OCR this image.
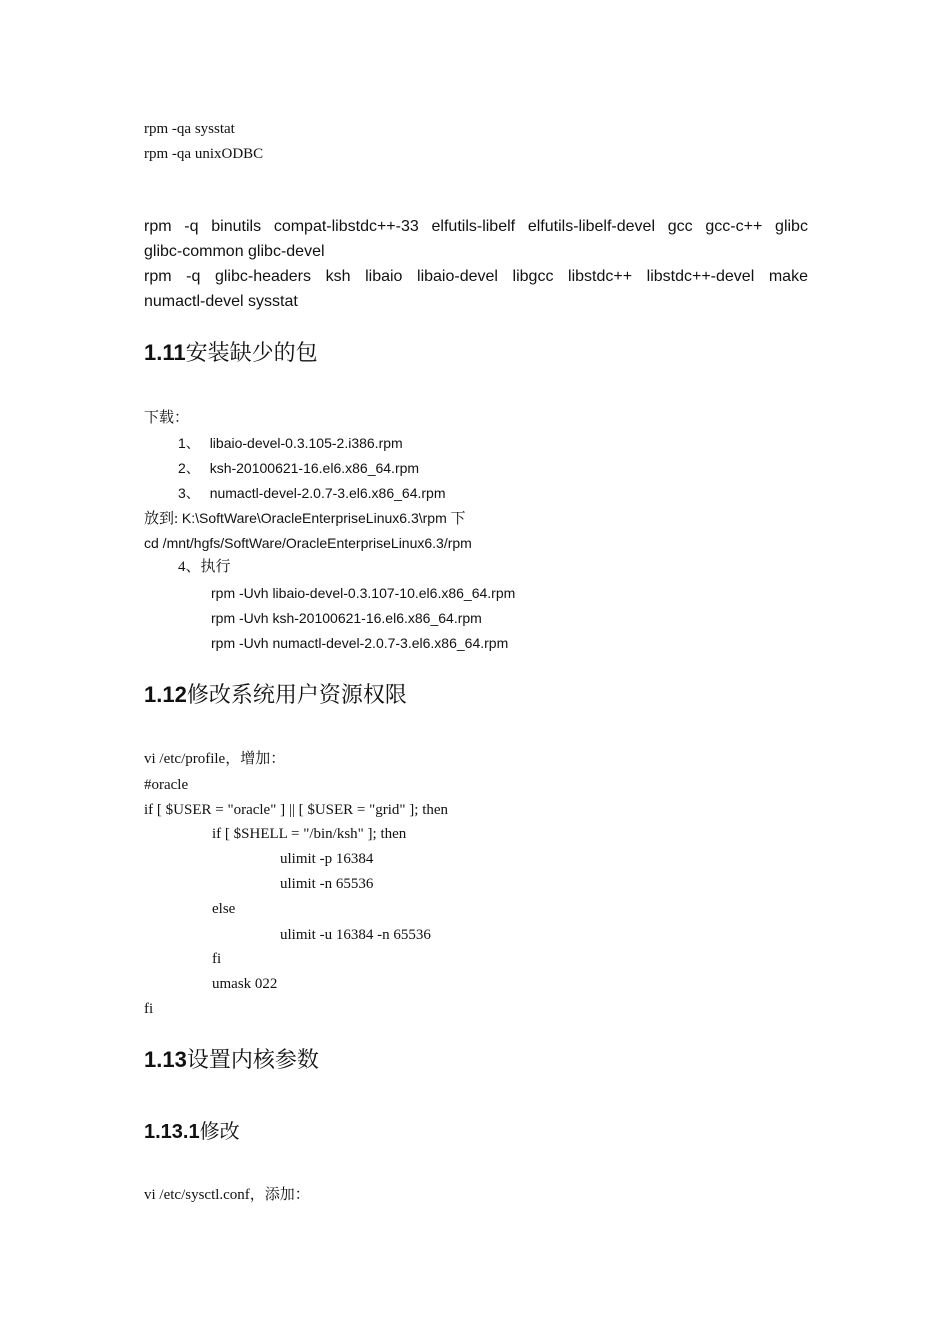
rpm -qa sysstat
rpm -qa unixODBC
rpm -q binutils compat-libstdc++-33 elfutils-libelf elfutils-libelf-devel gcc gcc-c++ glibc
glibc-common glibc-devel
rpm -q glibc-headers ksh libaio libaio-devel libgcc libstdc++ libstdc++-devel make
numactl-devel sysstat
1.11安装缺少的包
下载：
1、 libaio-devel-0.3.105-2.i386.rpm
2、 ksh-20100621-16.el6.x86_64.rpm
3、 numactl-devel-2.0.7-3.el6.x86_64.rpm
放到: K:\SoftWare\OracleEnterpriseLinux6.3\rpm 下
cd /mnt/hgfs/SoftWare/OracleEnterpriseLinux6.3/rpm
4、执行
rpm -Uvh libaio-devel-0.3.107-10.el6.x86_64.rpm
rpm -Uvh ksh-20100621-16.el6.x86_64.rpm
rpm -Uvh numactl-devel-2.0.7-3.el6.x86_64.rpm
1.12修改系统用户资源权限
vi /etc/profile，增加：
#oracle
if [ $USER = "oracle" ] || [ $USER = "grid" ]; then
if [ $SHELL = "/bin/ksh" ]; then
ulimit -p 16384
ulimit -n 65536
else
ulimit -u 16384 -n 65536
fi
umask 022
fi
1.13设置内核参数
1.13.1修改
vi /etc/sysctl.conf，添加：
